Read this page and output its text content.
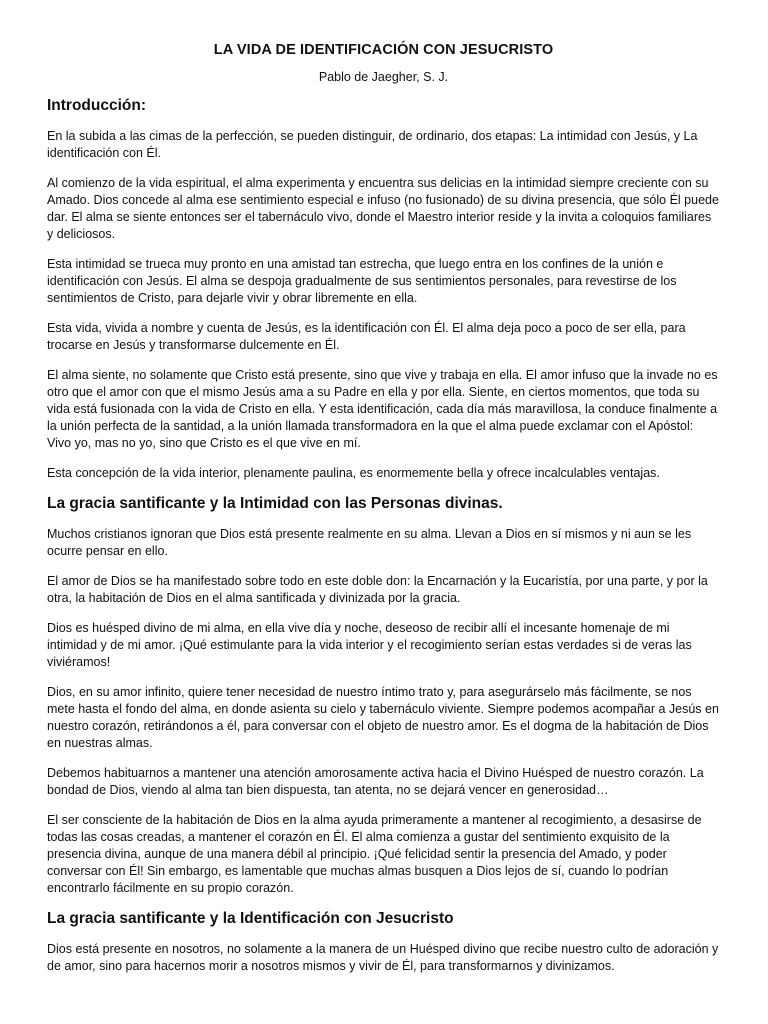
LA VIDA DE IDENTIFICACIÓN CON JESUCRISTO
Pablo de Jaegher, S. J.
Introducción:

En la subida a las cimas de la perfección, se pueden distinguir, de ordinario, dos etapas: La intimidad con Jesús, y La identificación con Él.

Al comienzo de la vida espiritual, el alma experimenta y encuentra sus delicias en la intimidad siempre creciente con su Amado. Dios concede al alma ese sentimiento especial e infuso (no fusionado) de su divina presencia, que sólo Él puede dar. El alma se siente entonces ser el tabernáculo vivo, donde el Maestro interior reside y la invita a coloquios familiares y deliciosos.

Esta intimidad se trueca muy pronto en una amistad tan estrecha, que luego entra en los confines de la unión e identificación con Jesús. El alma se despoja gradualmente de sus sentimientos personales, para revestirse de los sentimientos de Cristo, para dejarle vivir y obrar libremente en ella.

Esta vida, vivida a nombre y cuenta de Jesús, es la identificación con Él. El alma deja poco a poco de ser ella, para trocarse en Jesús y transformarse dulcemente en Él.

El alma siente, no solamente que Cristo está presente, sino que vive y trabaja en ella. El amor infuso que la invade no es otro que el amor con que el mismo Jesús ama a su Padre en ella y por ella. Siente, en ciertos momentos, que toda su vida está fusionada con la vida de Cristo en ella. Y esta identificación, cada día más maravillosa, la conduce finalmente a la unión perfecta de la santidad, a la unión llamada transformadora en la que el alma puede exclamar con el Apóstol: Vivo yo, mas no yo, sino que Cristo es el que vive en mí.

Esta concepción de la vida interior, plenamente paulina, es enormemente bella y ofrece incalculables ventajas.

La gracia santificante y la Intimidad con las Personas divinas.

Muchos cristianos ignoran que Dios está presente realmente en su alma. Llevan a Dios en sí mismos y ni aun se les ocurre pensar en ello.

El amor de Dios se ha manifestado sobre todo en este doble don: la Encarnación y la Eucaristía, por una parte, y por la otra, la habitación de Dios en el alma santificada y divinizada por la gracia.

Dios es huésped divino de mi alma, en ella vive día y noche, deseoso de recibir allí el incesante homenaje de mi intimidad y de mi amor. ¡Qué estimulante para la vida interior y el recogimiento serían estas verdades si de veras las viviéramos!

Dios, en su amor infinito, quiere tener necesidad de nuestro íntimo trato y, para asegurárselo más fácilmente, se nos mete hasta el fondo del alma, en donde asienta su cielo y tabernáculo viviente. Siempre podemos acompañar a Jesús en nuestro corazón, retirándonos a él, para conversar con el objeto de nuestro amor. Es el dogma de la habitación de Dios en nuestras almas.

Debemos habituarnos a mantener una atención amorosamente activa hacia el Divino Huésped de nuestro corazón. La bondad de Dios, viendo al alma tan bien dispuesta, tan atenta, no se dejará vencer en generosidad…

El ser consciente de la habitación de Dios en la alma ayuda primeramente a mantener al recogimiento, a desasirse de todas las cosas creadas, a mantener el corazón en Él. El alma comienza a gustar del sentimiento exquisito de la presencia divina, aunque de una manera débil al principio. ¡Qué felicidad sentir la presencia del Amado, y poder conversar con Él! Sin embargo, es lamentable que muchas almas busquen a Dios lejos de sí, cuando lo podrían encontrarlo fácilmente en su propio corazón.

La gracia santificante y la Identificación con Jesucristo

Dios está presente en nosotros, no solamente a la manera de un Huésped divino que recibe nuestro culto de adoración y de amor, sino para hacernos morir a nosotros mismos y vivir de Él, para transformarnos y divinizamos.
